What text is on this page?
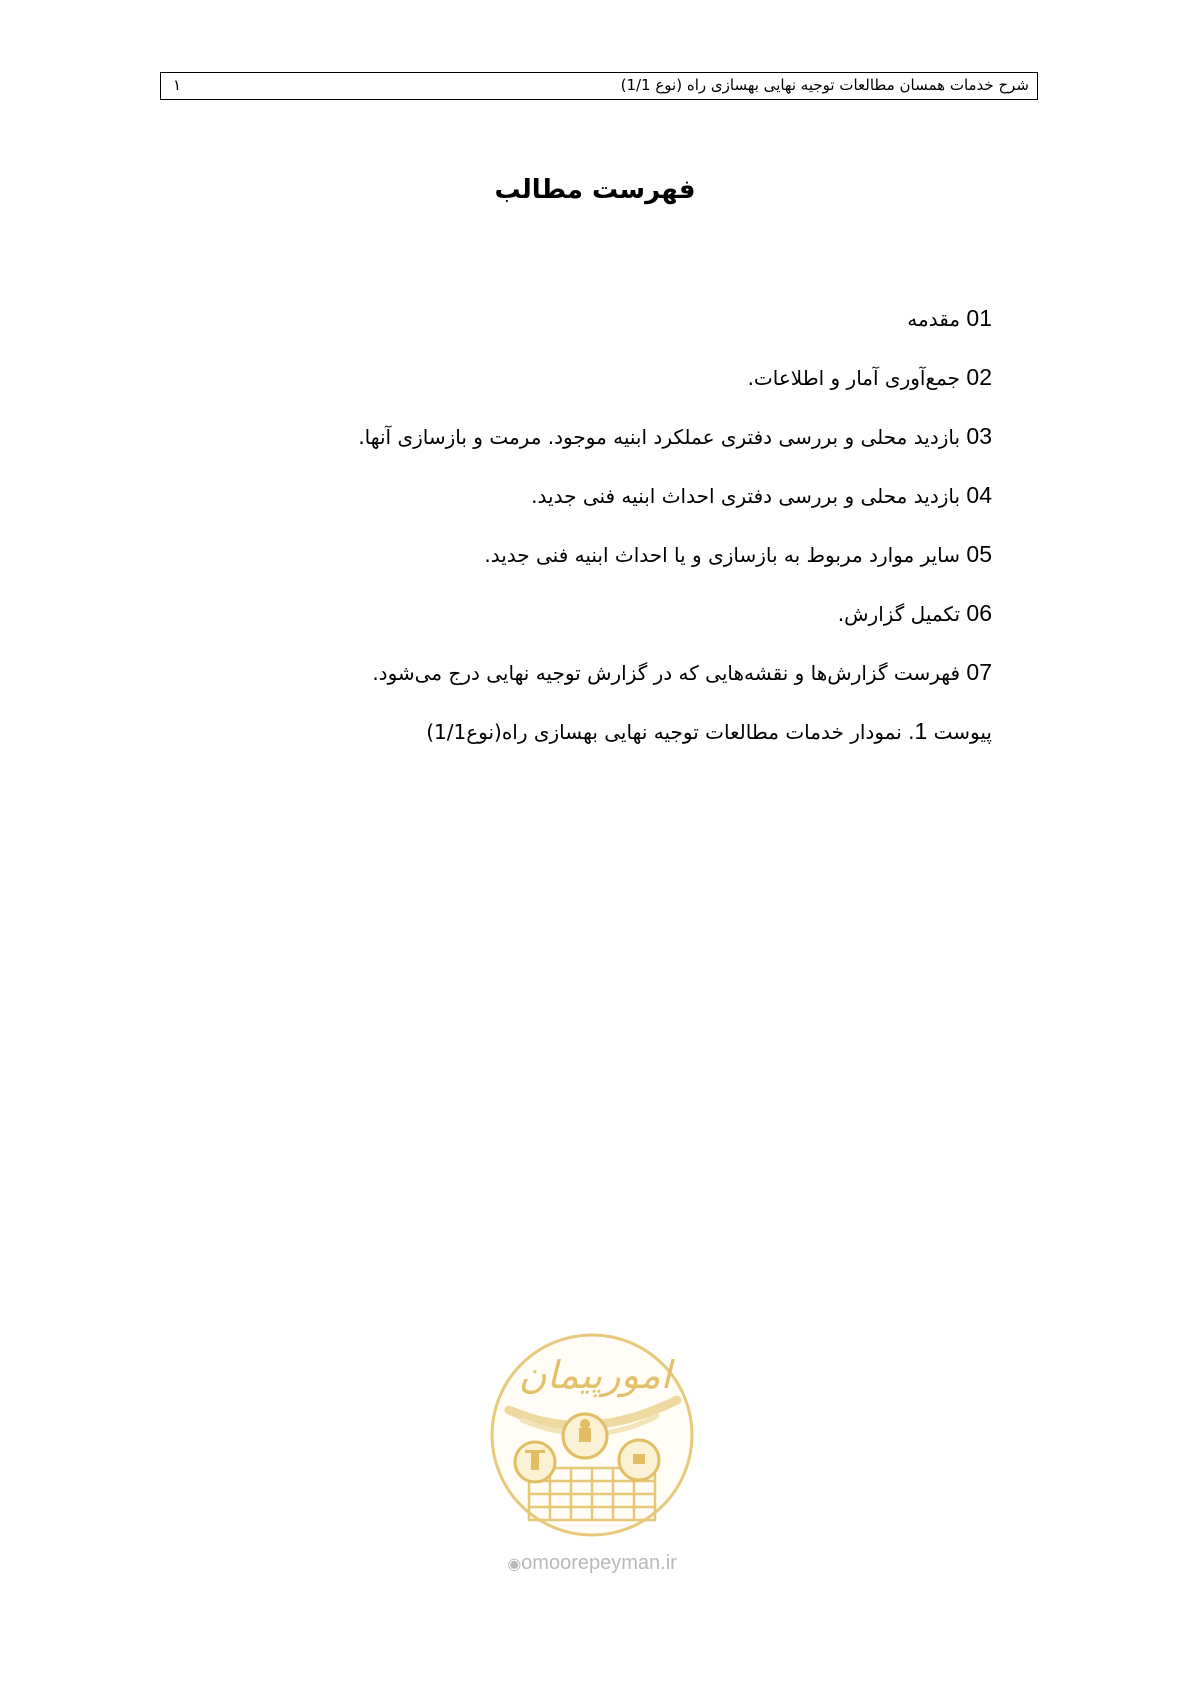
شرح خدمات همسان مطالعات توجیه نهایی بهسازی راه (نوع 1/1)
۱
فهرست مطالب
01 مقدمه
02 جمع‌آوری آمار و اطلاعات.
03 بازدید محلی و بررسی دفتری عملکرد ابنیه موجود. مرمت و بازسازی آنها.
04 بازدید محلی و بررسی دفتری احداث ابنیه فنی جدید.
05 سایر موارد مربوط به بازسازی و یا احداث ابنیه فنی جدید.
06 تکمیل گزارش.
07 فهرست گزارش‌ها و نقشه‌هایی که در گزارش توجیه نهایی درج می‌شود.
پیوست 1. نمودار خدمات مطالعات توجیه نهایی بهسازی راه(نوع1/1)
امورپیمان
◉omoorepeyman.ir
